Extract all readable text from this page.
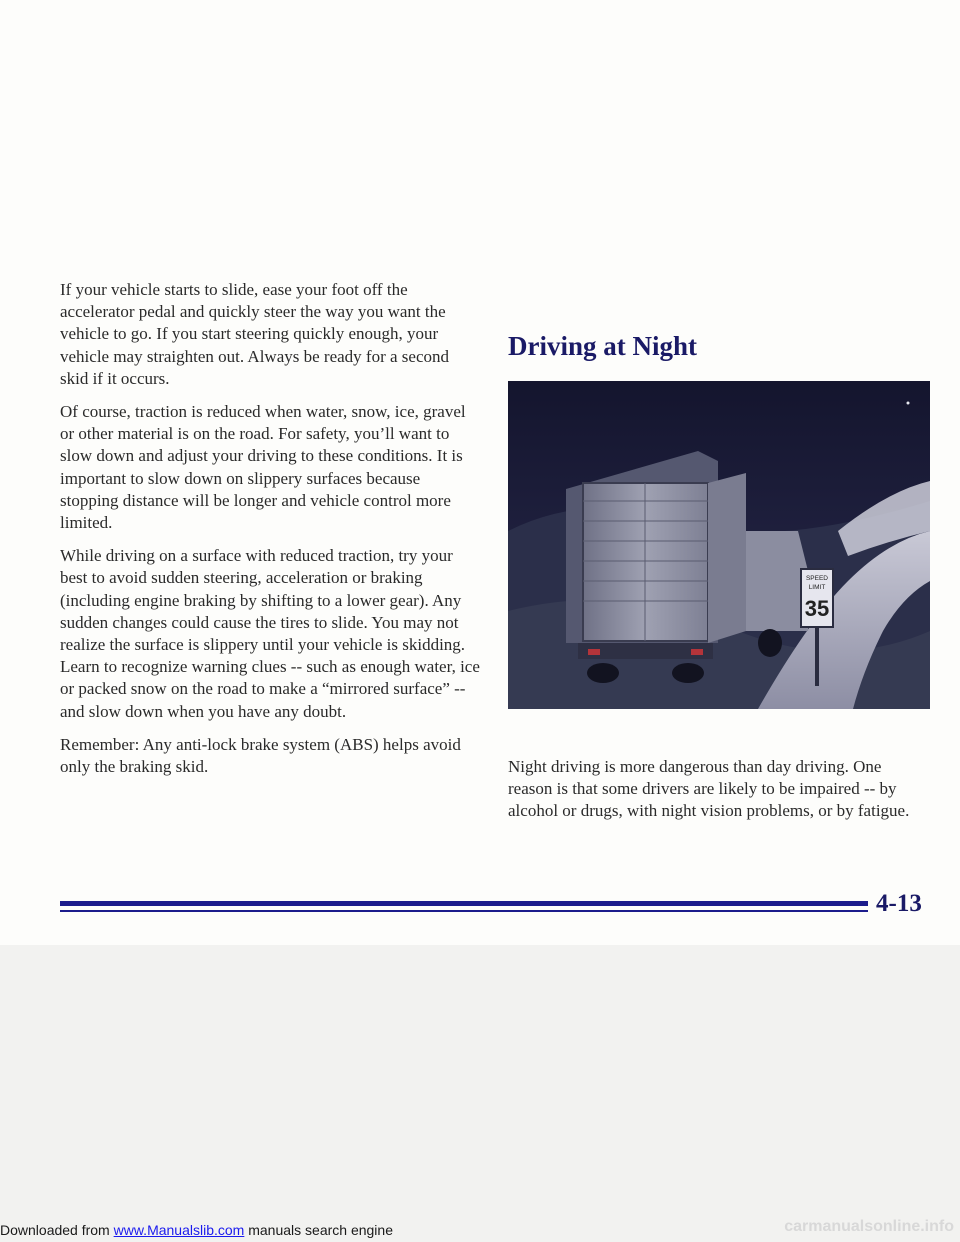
If your vehicle starts to slide, ease your foot off the accelerator pedal and quickly steer the way you want the vehicle to go. If you start steering quickly enough, your vehicle may straighten out. Always be ready for a second skid if it occurs.

Of course, traction is reduced when water, snow, ice, gravel or other material is on the road. For safety, you’ll want to slow down and adjust your driving to these conditions. It is important to slow down on slippery surfaces because stopping distance will be longer and vehicle control more limited.

While driving on a surface with reduced traction, try your best to avoid sudden steering, acceleration or braking (including engine braking by shifting to a lower gear). Any sudden changes could cause the tires to slide. You may not realize the surface is slippery until your vehicle is skidding. Learn to recognize warning clues -- such as enough water, ice or packed snow on the road to make a “mirrored surface” -- and slow down when you have any doubt.

Remember: Any anti-lock brake system (ABS) helps avoid only the braking skid.

Driving at Night
SPEED
LIMIT
35

Night driving is more dangerous than day driving. One reason is that some drivers are likely to be impaired -- by alcohol or drugs, with night vision problems, or by fatigue.

4-13
Downloaded from www.Manualslib.com manuals search engine	carmanualsonline.info
